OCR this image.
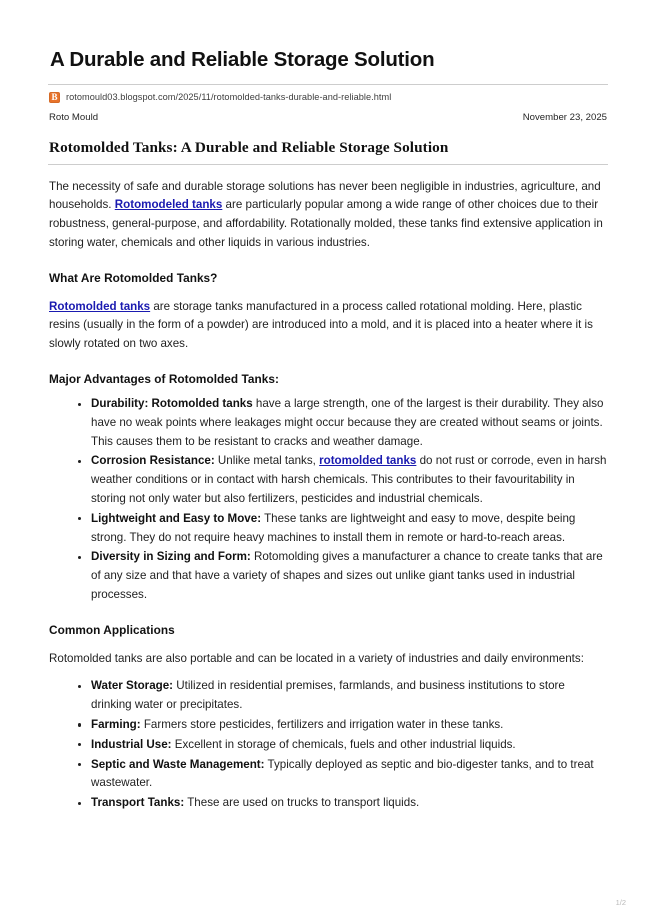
A Durable and Reliable Storage Solution
B rotomould03.blogspot.com/2025/11/rotomolded-tanks-durable-and-reliable.html
Roto Mould	November 23, 2025
Rotomolded Tanks: A Durable and Reliable Storage Solution

The necessity of safe and durable storage solutions has never been negligible in industries, agriculture, and households. Rotomodeled tanks are particularly popular among a wide range of other choices due to their robustness, general-purpose, and affordability. Rotationally molded, these tanks find extensive application in storing water, chemicals and other liquids in various industries.

What Are Rotomolded Tanks?

Rotomolded tanks are storage tanks manufactured in a process called rotational molding. Here, plastic resins (usually in the form of a powder) are introduced into a mold, and it is placed into a heater where it is slowly rotated on two axes.

Major Advantages of Rotomolded Tanks:
Durability: Rotomolded tanks have a large strength, one of the largest is their durability. They also have no weak points where leakages might occur because they are created without seams or joints. This causes them to be resistant to cracks and weather damage.
Corrosion Resistance: Unlike metal tanks, rotomolded tanks do not rust or corrode, even in harsh weather conditions or in contact with harsh chemicals. This contributes to their favouritability in storing not only water but also fertilizers, pesticides and industrial chemicals.
Lightweight and Easy to Move: These tanks are lightweight and easy to move, despite being strong. They do not require heavy machines to install them in remote or hard-to-reach areas.
Diversity in Sizing and Form: Rotomolding gives a manufacturer a chance to create tanks that are of any size and that have a variety of shapes and sizes out unlike giant tanks used in industrial processes.
Common Applications

Rotomolded tanks are also portable and can be located in a variety of industries and daily environments:

Water Storage: Utilized in residential premises, farmlands, and business institutions to store drinking water or precipitates.
Farming: Farmers store pesticides, fertilizers and irrigation water in these tanks.
Industrial Use: Excellent in storage of chemicals, fuels and other industrial liquids.
Septic and Waste Management: Typically deployed as septic and bio-digester tanks, and to treat wastewater.
Transport Tanks: These are used on trucks to transport liquids.
1/2
